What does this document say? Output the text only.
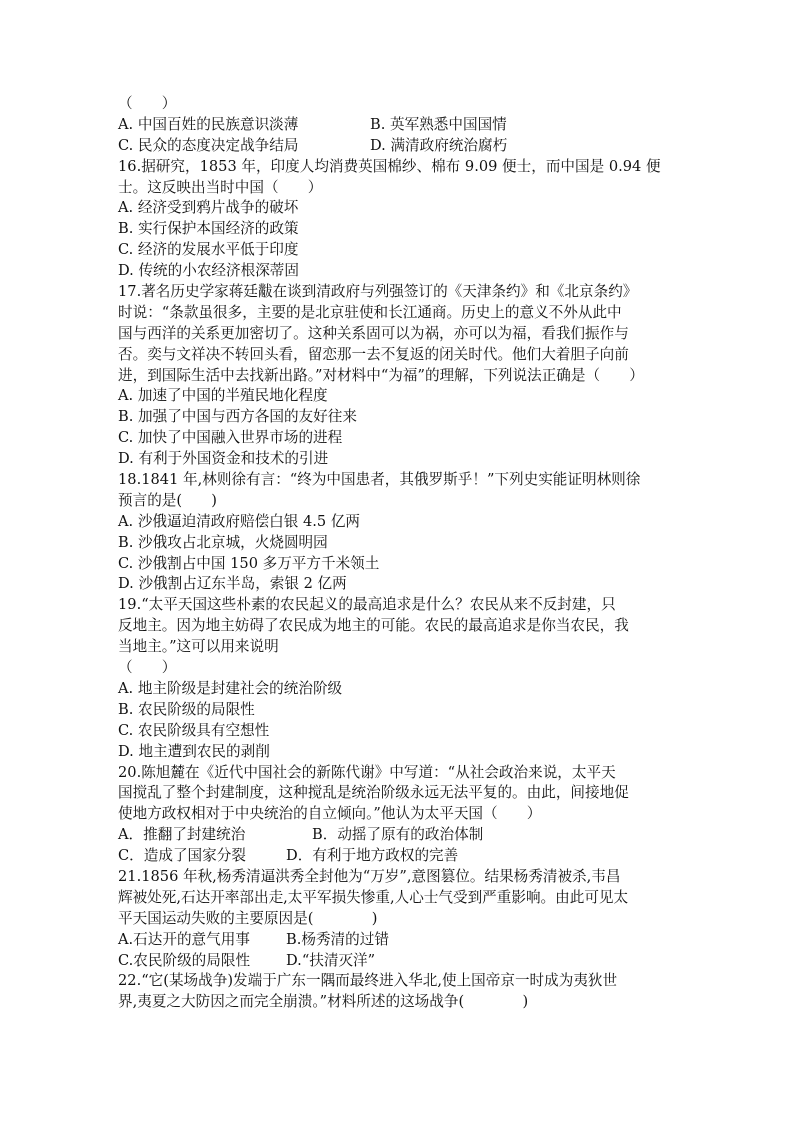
（　　）
A. 中国百姓的民族意识淡薄	B. 英军熟悉中国国情
C. 民众的态度决定战争结局	D. 满清政府统治腐朽
16.据研究，1853 年，印度人均消费英国棉纱、棉布 9.09 便士，而中国是 0.94 便
士。这反映出当时中国（　　）
A. 经济受到鸦片战争的破坏
B. 实行保护本国经济的政策
C. 经济的发展水平低于印度
D. 传统的小农经济根深蒂固
17.著名历史学家蒋廷黻在谈到清政府与列强签订的《天津条约》和《北京条约》
时说：“条款虽很多，主要的是北京驻使和长江通商。历史上的意义不外从此中
国与西洋的关系更加密切了。这种关系固可以为祸，亦可以为福，看我们振作与
否。奕与文祥决不转回头看，留恋那一去不复返的闭关时代。他们大着胆子向前
进，到国际生活中去找新出路。”对材料中“为福”的理解，下列说法正确是（　　）
A. 加速了中国的半殖民地化程度
B. 加强了中国与西方各国的友好往来
C. 加快了中国融入世界市场的进程
D. 有利于外国资金和技术的引进
18.1841 年,林则徐有言：“终为中国患者，其俄罗斯乎！”下列史实能证明林则徐
预言的是(　　)
A. 沙俄逼迫清政府赔偿白银 4.5 亿两
B. 沙俄攻占北京城，火烧圆明园
C. 沙俄割占中国 150 多万平方千米领土
D. 沙俄割占辽东半岛，索银 2 亿两
19.“太平天国这些朴素的农民起义的最高追求是什么？农民从来不反封建，只
反地主。因为地主妨碍了农民成为地主的可能。农民的最高追求是你当农民，我
当地主。”这可以用来说明
（　　）
A. 地主阶级是封建社会的统治阶级
B. 农民阶级的局限性
C. 农民阶级具有空想性
D. 地主遭到农民的剥削
20.陈旭麓在《近代中国社会的新陈代谢》中写道：“从社会政治来说，太平天
国搅乱了整个封建制度，这种搅乱是统治阶级永远无法平复的。由此，间接地促
使地方政权相对于中央统治的自立倾向。”他认为太平天国（　　）
A．推翻了封建统治	B．动摇了原有的政治体制
C．造成了国家分裂	D．有利于地方政权的完善
21.1856 年秋,杨秀清逼洪秀全封他为“万岁”,意图篡位。结果杨秀清被杀,韦昌
辉被处死,石达开率部出走,太平军损失惨重,人心士气受到严重影响。由此可见太
平天国运动失败的主要原因是(　　　　)
A.石达开的意气用事	B.杨秀清的过错
C.农民阶级的局限性	D.“扶清灭洋”
22.“它(某场战争)发端于广东一隅而最终进入华北,使上国帝京一时成为夷狄世
界,夷夏之大防因之而完全崩溃。”材料所述的这场战争(　　　　)
